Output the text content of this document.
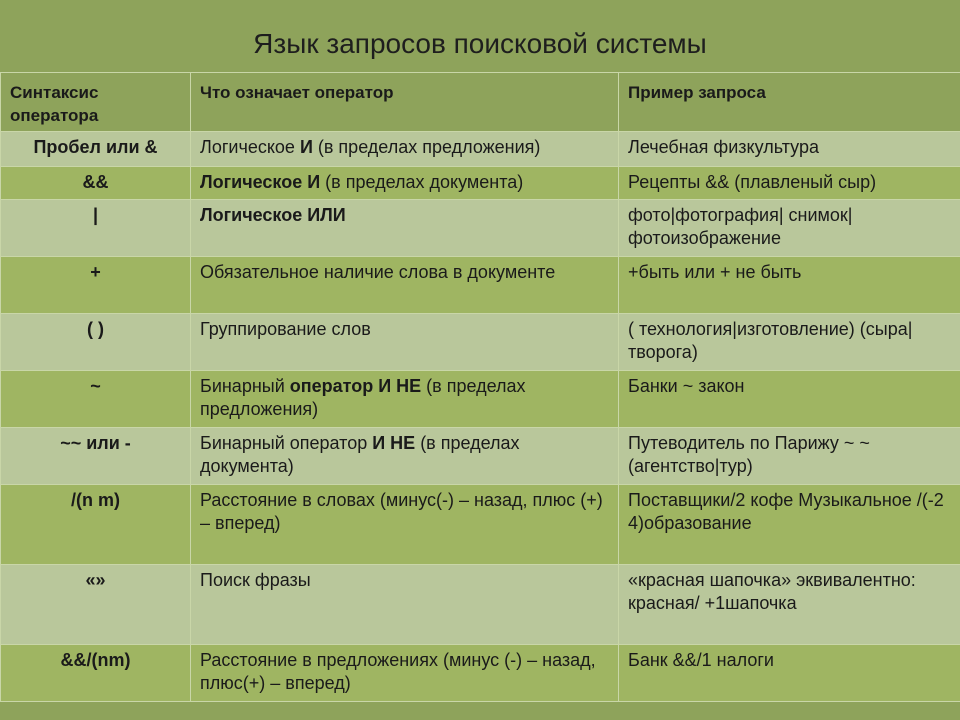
Язык запросов поисковой системы
Синтаксис оператора	Что означает оператор	Пример запроса
Пробел или &	Логическое И (в пределах предложения)	Лечебная физкультура
&&	Логическое И (в пределах документа)	Рецепты && (плавленый сыр)
|	Логическое ИЛИ	фото|фотография| снимок| фотоизображение
+	Обязательное наличие слова в документе	+быть или + не быть
( )	Группирование слов	( технология|изготовление) (сыра|творога)
~	Бинарный оператор И НЕ (в пределах предложения)	Банки ~ закон
~~ или -	Бинарный оператор И НЕ (в пределах документа)	Путеводитель по Парижу ~ ~ (агентство|тур)
/(n m)	Расстояние в словах (минус(-) – назад, плюс (+) – вперед)	Поставщики/2 кофе Музыкальное /(-2 4)образование
«»	Поиск фразы	«красная шапочка» эквивалентно: красная/ +1шапочка
&&/(nm)	Расстояние в предложениях (минус (-) – назад, плюс(+) – вперед)	Банк &&/1 налоги
